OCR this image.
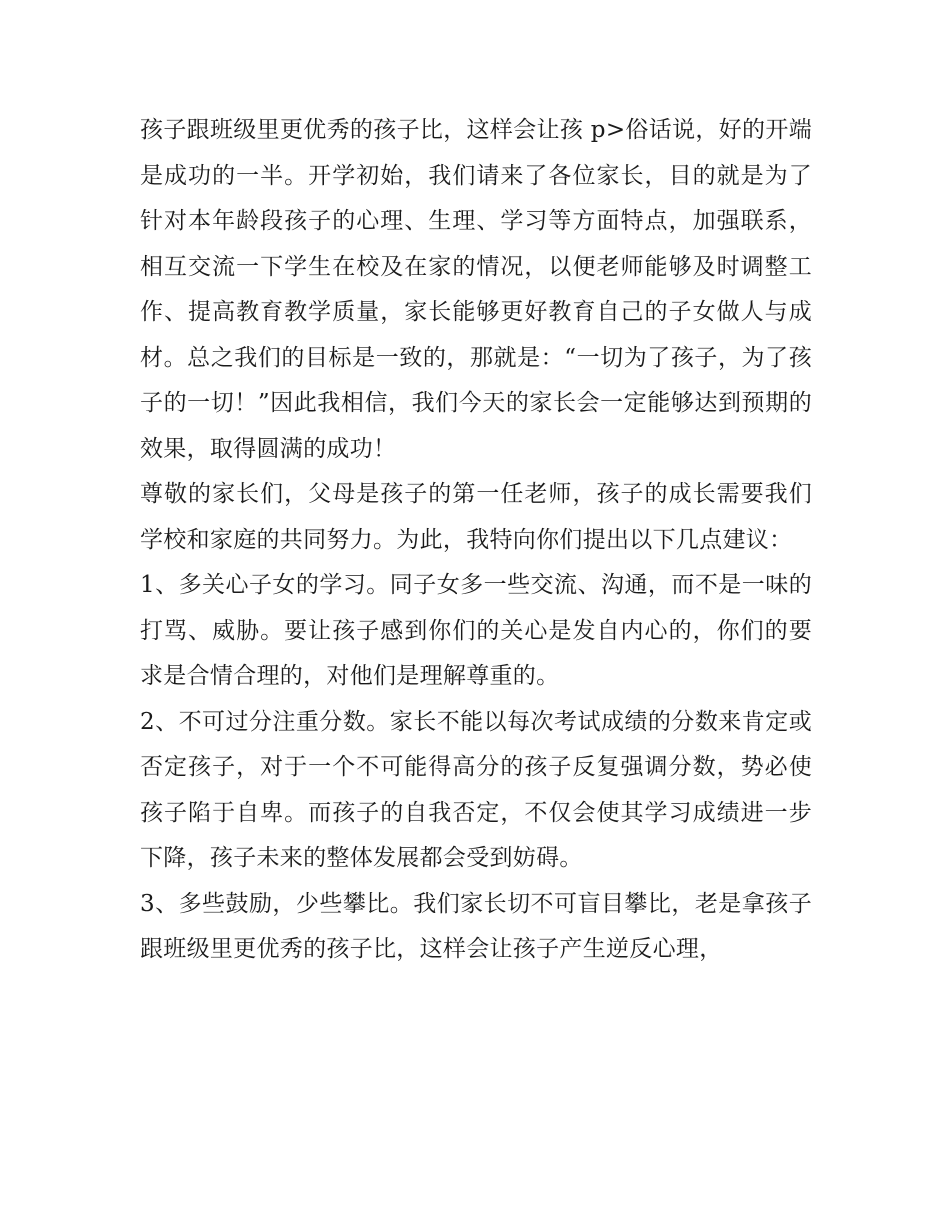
孩子跟班级里更优秀的孩子比，这样会让孩 p>俗话说，好的开端是成功的一半。开学初始，我们请来了各位家长，目的就是为了针对本年龄段孩子的心理、生理、学习等方面特点，加强联系，相互交流一下学生在校及在家的情况，以便老师能够及时调整工作、提高教育教学质量，家长能够更好教育自己的子女做人与成材。总之我们的目标是一致的，那就是：“一切为了孩子，为了孩子的一切！”因此我相信，我们今天的家长会一定能够达到预期的效果，取得圆满的成功！

尊敬的家长们，父母是孩子的第一任老师，孩子的成长需要我们学校和家庭的共同努力。为此，我特向你们提出以下几点建议：

1、多关心子女的学习。同子女多一些交流、沟通，而不是一味的打骂、威胁。要让孩子感到你们的关心是发自内心的，你们的要求是合情合理的，对他们是理解尊重的。

2、不可过分注重分数。家长不能以每次考试成绩的分数来肯定或否定孩子，对于一个不可能得高分的孩子反复强调分数，势必使孩子陷于自卑。而孩子的自我否定，不仅会使其学习成绩进一步下降，孩子未来的整体发展都会受到妨碍。

3、多些鼓励，少些攀比。我们家长切不可盲目攀比，老是拿孩子跟班级里更优秀的孩子比，这样会让孩子产生逆反心理，
